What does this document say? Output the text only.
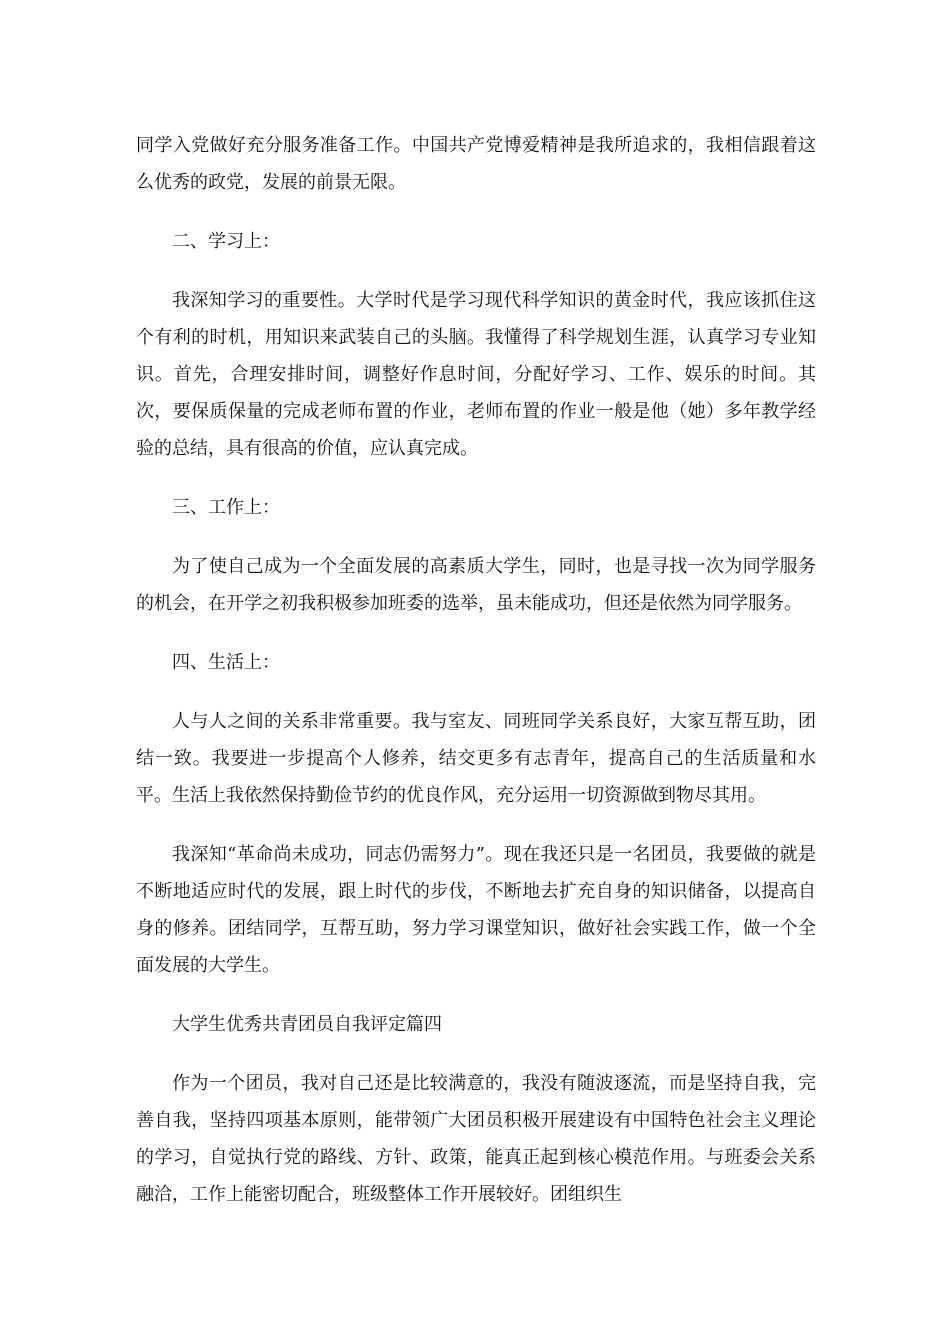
同学入党做好充分服务准备工作。中国共产党博爱精神是我所追求的，我相信跟着这么优秀的政党，发展的前景无限。

二、学习上：

我深知学习的重要性。大学时代是学习现代科学知识的黄金时代，我应该抓住这个有利的时机，用知识来武装自己的头脑。我懂得了科学规划生涯，认真学习专业知识。首先，合理安排时间，调整好作息时间，分配好学习、工作、娱乐的时间。其次，要保质保量的完成老师布置的作业，老师布置的作业一般是他（她）多年教学经验的总结，具有很高的价值，应认真完成。

三、工作上：

为了使自己成为一个全面发展的高素质大学生，同时，也是寻找一次为同学服务的机会，在开学之初我积极参加班委的选举，虽未能成功，但还是依然为同学服务。

四、生活上：

人与人之间的关系非常重要。我与室友、同班同学关系良好，大家互帮互助，团结一致。我要进一步提高个人修养，结交更多有志青年，提高自己的生活质量和水平。生活上我依然保持勤俭节约的优良作风，充分运用一切资源做到物尽其用。

我深知“革命尚未成功，同志仍需努力”。现在我还只是一名团员，我要做的就是不断地适应时代的发展，跟上时代的步伐，不断地去扩充自身的知识储备，以提高自身的修养。团结同学，互帮互助，努力学习课堂知识，做好社会实践工作，做一个全面发展的大学生。

大学生优秀共青团员自我评定篇四

作为一个团员，我对自己还是比较满意的，我没有随波逐流，而是坚持自我，完善自我，坚持四项基本原则，能带领广大团员积极开展建设有中国特色社会主义理论的学习，自觉执行党的路线、方针、政策，能真正起到核心模范作用。与班委会关系融洽，工作上能密切配合，班级整体工作开展较好。团组织生
